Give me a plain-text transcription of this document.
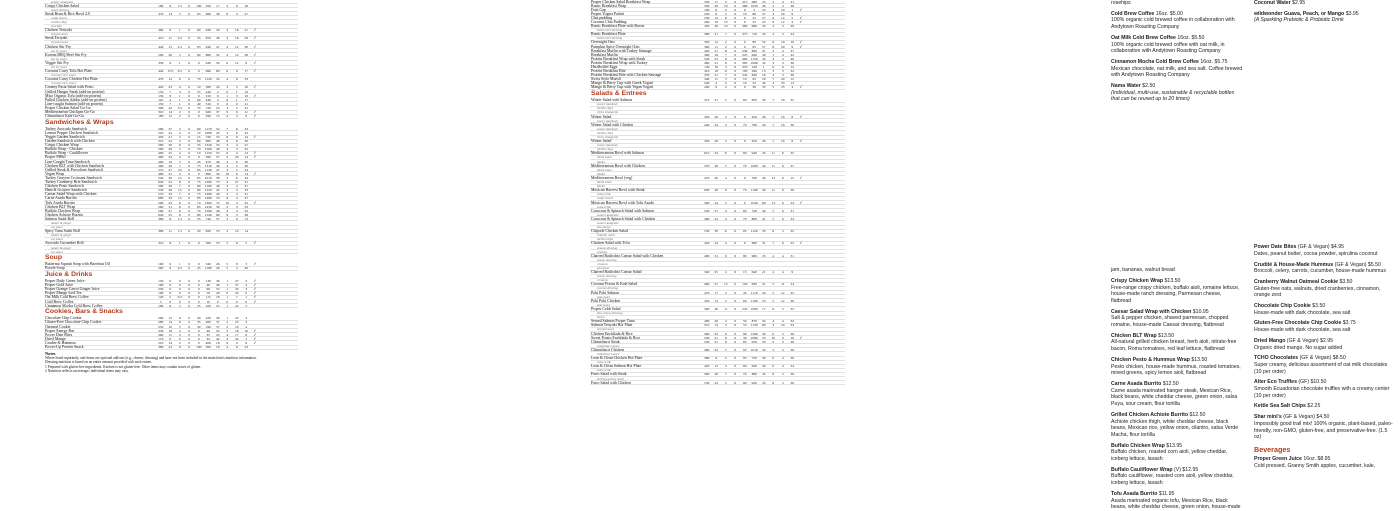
proper vinaigrette
Crispy Chicken Salad	180	9	1.5	0	160	350	17	2	6	18
ranch dressing
Steak Bean & Rice Bowl 2.0	370	14	5	0	65	690	38	8	4	27
cotija cheese
tortilla chips
avocado
Chicken Teriyaki	360	6	1	0	60	930	50	3	18	27	✓
teriyaki sauce
Steak Teriyaki	410	11	3.5	0	55	870	48	3	18	29	✓
teriyaki sauce
Chicken Stir Fry	440	15	2.5	0	65	940	47	4	12	30	✓
stir fry sauce
Korean BBQ Beef Stir Fry	500	20	5	0	60	880	52	4	14	28	✓
stir fry sauce
Veggie Stir Fry	330	8	1	0	0	630	56	6	12	9	✓
stir fry sauce
Coconut Curry Tofu Hot Plate	440	15.5	6.5	0	0	690	60	6	9	17	✓
coconut curry sauce
Coconut Curry Chicken Hot Plate	470	12	6	0	70	1120	54	4	8	33
coconut curry sauce
Creamy Pasta Salad with Pesto	420	23	4	0	10	580	45	3	3	10	✓
Grilled Hanger Steak (add-on protein)	150	7	3	0	55	440	2	0	1	19
Miso Organic Tofu (add-on protein)	130	8	1	0	0	310	6	1	3	10	✓
Pulled Chicken Adobo (add-on protein)	110	4	1	0	60	430	2	0	1	17
Line-caught Salmon (add-on protein)	150	7	1	0	40	310	0	0	0	21
Proper Chicken Salad Go-Go	390	22	3.5	0	70	720	23	3	5	25
Mediterranean Chickpea Go-Go	310	14	2	0	0	620	37	9	6	11	✓
Chimichurri Kale Go-Go	180	12	2	0	0	290	15	4	3	6	✓
Sandwiches & Wraps
Turkey Avocado Sandwich	580	27	5	0	60	1170	52	7	8	33
Lemon Pepper Chicken Sandwich	520	24	4	0	70	1080	45	3	6	32
Veggie Garden Sandwich	450	21	5	0	15	720	53	8	9	14	✓
Garden Sandwich with Chicken	510	22	5	0	60	980	48	6	8	30
Crispy Chicken Wrap	580	30	6	0	55	1320	53	3	4	27
Buffalo Wrap - Chicken	590	29	5	0	70	1560	49	3	3	32
Buffalo Wrap - Cauliflower	490	25	4	0	10	1150	53	6	4	13	✓
Proper PB&J	490	24	4	0	0	390	57	5	20	14	✓
Line-Caught Tuna Sandwich	490	19	3	0	45	970	48	4	6	30
Chicken BLT with Chicken Sandwich	560	26	7	0	75	1310	46	3	5	36
Grilled Steak & Provolone Sandwich	570	27	10	0	65	1130	47	3	5	34
Vegan Wrap	480	21	3	0	0	890	59	10	6	14	✓
Turkey Gruyere Croissant Sandwich	540	30	15	0	95	1010	38	2	6	29
Turkey Cranberry Brie Sandwich	620	22	9	0	75	1260	75	4	27	31
Chicken Pesto Sandwich	590	28	7	0	80	1190	48	3	4	37
Ham & Gruyere Sandwich	540	26	12	0	80	1520	43	2	5	33
Caesar Salad Wrap with Chicken	570	33	7	0	75	1280	40	2	3	31
Carne Asada Burrito	680	29	12	0	85	1480	70	8	4	37
Tofu Asada Burrito	590	24	6	0	10	1300	72	10	4	22	✓
Chicken BLT Wrap	560	31	8	0	85	1430	39	2	3	33
Buffalo Chicken Wrap	560	27	6	0	70	1590	48	3	3	32
Chicken Achiote Burrito	640	25	8	0	80	1540	68	9	3	38
Salmon Sushi Roll	360	8	1.5	0	25	740	57	3	9	13
tamari & ginger
soy sauce
Spicy Tuna Sushi Roll	380	11	1.5	0	20	820	55	2	10	14
tamari & ginger
soy sauce
Avocado Cucumber Roll	310	9	1	0	0	560	53	5	8	5	✓
tamari & ginger
soy sauce
Soup
Butternut Squash Soup with Hazelnut Oil	190	9	1	0	0	540	26	5	8	3	✓
Pozole Soup	260	9	2.5	0	45	1180	26	5	4	20
Juice & Drinks
Proper Daily Green Juice	150	0	0	0	0	130	36	1	27	2	✓
Proper Gold Juice	190	0	0	0	0	40	46	1	37	2	✓
Proper Orange Carrot Ginger Juice	230	0	0	0	0	90	55	1	43	3	✓
Proper Mango Iced Tea	100	0	0	0	0	10	26	0	24	0	✓
Oat Milk Cold Brew Coffee	120	5	0.5	0	0	115	18	1	7	1	✓
Cold Brew Coffee	5	0	0	0	0	10	0	0	0	0	✓
Cinnamon Mocha Cold Brew Coffee	180	8	5	0	25	100	25	1	22	5
Cookies, Bars & Snacks
Chocolate Chip Cookie	290	15	9	0	40	220	36	1	22	3
Gluten-Free Chocolate Chip Cookie	280	14	8	0	35	200	37	2	23	3
Oatmeal Cookie	250	10	5	0	30	190	37	2	19	4
Proper Energy Bar	330	18	4	0	0	40	35	5	18	10	✓
Power Date Bites	200	11	2	0	0	35	23	4	17	6	✓
Dried Mango	170	0	0	0	0	35	42	2	34	1	✓
Crudite & Hummus	210	14	2	0	0	400	18	6	4	6	✓
Power-Up Protein Snack	360	22	8	0	190	560	18	4	8	23
Notes
Where listed separately, sub-items are optional add-ons (e.g., cheese, dressing) and have not been included in the main item's nutrition information.
Dressing nutrition is based on an entire amount provided with each entree.
1 Prepared with gluten-free ingredients. Kitchen is not gluten-free. Other items may contain traces of gluten.
2 Nutrition reflects an average; individual items may vary.
Proper Chicken Salad Breakfast Wrap	330	17	3	0	215	690	25	2	4	21
Rustic Breakfast Wrap	500	26	10	0	380 1050	36	2	4	30
Fruit Cup	100	0	0	0	0	5	25	3	19	1	✓
Proper Yogurt Parfait	250	8	2	0	10	80	37	4	24	9
Chia pudding	230	12	8	0	0	25	27	9	14	5	✓
Coconut Chia Pudding	260	16	13	0	0	25	25	8	12	4	✓
Rustic Breakfast Plate with Bacon	450	28	10	0	390	980	22	2	3	29
lemon herb dressing
Rustic Breakfast Plate	380	21	7	0	375	710	22	2	3	24
lemon herb dressing
Overnight Oats	350	12	2	0	0	80	52	8	16	10	✓
Pumpkin Spice Overnight Oats	360	11	2	0	0	95	57	8	20	9	✓
Breakfast Muffin with Turkey Sausage	420	21	8	0	240	890	31	2	4	27
Breakfast Muffin	360	16	7	0	225	620	30	1	4	22
Protein Breakfast Wrap with Steak	520	25	8	0	400 1150	34	3	3	40
Protein Breakfast Wrap with Turkey	460	21	6	0	395 1090	34	3	3	36
Hardboiled Eggs	140	10	3	0	370	140	1	0	0	12
Protein Breakfast Bite	310	18	6	0	195	560	15	3	3	22
Protein Breakfast Bite with Chicken Sausage	370	21	7	0	245	840	16	3	3	30
Swiss Style Muesli	340	11	3	0	10	95	50	7	20	12
Mango & Berry Cup with Greek Yogurt	240	4	2	0	10	55	40	4	33	13
Mango & Berry Cup with Vegan Yogurt	200	6	2	0	0	30	35	5	25	3	✓
Salads & Entrees
Winter Salad with Salmon	510	31	5	0	60	850	28	7	16	32
savory hazelnuts
tortilla chips
citrus vinaigrette
Winter Salad	320	20	3	0	0	450	28	7	16	8	✓
savory hazelnuts
Winter Salad with Chicken	440	24	4	0	70	790	29	7	16	30
savory hazelnuts
tortilla chips
citrus vinaigrette
Winter Salad	320	20	3	0	0	450	28	7	16	8	✓
savory hazelnuts
tortilla chips
Mediterranean Bowl with Salmon	610	34	6	0	60	940	43	11	6	35
tahini sauce
falafel
Mediterranean Bowl with Chicken	570	28	5	0	70	1000	44	11	6	37
tahini sauce
falafel
Mediterranean Bowl (veg)	470	26	4	0	0	760	46	13	6	15	✓
tahini sauce
falafel
Mexican Harvest Bowl with Steak	630	28	9	0	75	1190	56	11	6	39
salsa verde
cotija cheese
Mexican Harvest Bowl with Tofu Asada	560	24	5	0	0	1040	60	13	6	24	✓
salsa verde
Couscous & Spinach Salad with Salmon	520	27	4	0	60	740	40	5	6	31
lemon vinaigrette
Couscous & Spinach Salad with Chicken	480	22	4	0	70	800	41	5	6	33
lemon vinaigrette
feta cheese
Chipotle Chicken Salad	530	30	6	0	85	1120	33	8	5	35
chipotle ranch
tortilla strips
Chicken Salad with Tofu	420	24	4	0	0	690	31	7	6	22	✓
sesame dressing
wontons
Charred Radicchio Caesar Salad with Chicken	490	31	6	0	80	960	23	4	4	31
caesar dressing
croutons
parmesan
Charred Radicchio Caesar Salad	340	25	4	0	15	640	21	4	4	9
caesar dressing
croutons
Coconut Prawn & Kale Salad	460	27	12	0	120	830	31	5	11	24
coconut dressing
Poki Poki Salmon	470	17	3	0	45	1110	54	5	12	25
poki sauce
Poki Poki Chicken	450	13	2	0	60	1180	55	5	12	28
poki sauce
Proper Cobb Salad	560	40	11	0	245 1090	17	6	5	35
blue cheese dressing
bacon
Seared Salmon Proper Tuna	490	26	4	0	50	870	32	4	4	32
Salmon Teriyaki Hot Plate	510	14	3	0	55	1130	60	3	19	33
teriyaki sauce
Chicken Enchilada & Rice	560	22	9	0	90	1290	56	6	5	36
Sweet Potato Enchilada & Rice	530	21	8	0	30	1080	70	10	9	16	✓
Chimichurri Steak	520	27	8	0	85	970	33	5	3	38
chimichurri sauce
Chimichurri Chicken	480	22	5	0	95	1010	33	5	3	39
chimichurri sauce
Lean & Clean Chicken Hot Plate	390	9	2	0	95	750	38	6	4	39
salsa verde
Lean & Clean Salmon Hot Plate	420	15	3	0	60	620	36	6	4	34
salsa verde
Farro Salad with Steak	560	26	7	0	70	880	45	8	5	36
dressing (citrus herb)
Farro Salad with Chicken	530	22	5	0	80	920	45	8	5	38
rosehips
Cold Brew Coffee 16oz. $5.00
100% organic cold brewed coffee in collaboration with Andytown Roasting Company
Oat Milk Cold Brew Coffee 16oz. $5.50
100% organic cold brewed coffee with oat milk, in collaboration with Andytown Roasting Company
Cinnamon Mocha Cold Brew Coffee 16oz. $5.75
Mexican chocolate, oat milk, and sea salt. Coffee brewed with Andytown Roasting Company
Nama Water $2.50
(Individual, multi-use, sustainable & recyclable bottles that can be reused up to 20 times)
jam, bananas, walnut bread
Crispy Chicken Wrap $13.50
Free-range crispy chicken, buffalo aioli, romaine lettuce, house-made ranch dressing, Parmesan cheese, flatbread
Caesar Salad Wrap with Chicken $10.95
Salt & pepper chicken, shaved parmesan, chopped romaine, house-made Caesar dressing, flatbread
Chicken BLT Wrap $13.50
All-natural grilled chicken breast, herb aioli, nitrate-free bacon, Roma tomatoes, red leaf lettuce, flatbread
Chicken Pesto & Hummus Wrap $13.50
Pesto chicken, house-made hummus, roasted tomatoes, mixed greens, spicy lemon aioli, flatbread
Carne Asada Burrito $12.50
Carne asada marinated hanger steak, Mexican Rice, black beans, white cheddar cheese, green onion, salsa Puya, sour cream, flour tortilla
Grilled Chicken Achiote Burrito $12.50
Achiote chicken thigh, white cheddar cheese, black beans, Mexican rice, yellow onion, cilantro, salsa Verde Macha, flour tortilla
Buffalo Chicken Wrap $13.95
Buffalo chicken, roasted corn aioli, yellow cheddar, iceberg lettuce, lavash
Buffalo Cauliflower Wrap (V) $12.95
Buffalo cauliflower, roasted corn aioli, yellow cheddar, iceberg lettuce, lavash
Tofu Asada Burrito $11.95
Asada marinated organic tofu, Mexican Rice, black beans, white cheddar cheese, green onion, house-made
Coconut Water $2.95
wildwonder Guava, Peach, or Mango $3.95
(A Sparkling Prebiotic & Probiotic Drink
Power Date Bites (GF & Vegan) $4.95
Dates, peanut butter, cocoa powder, spirulina coconut
Crudité & House-Made Hummus (GF & Vegan) $5.50
Broccoli, celery, carrots, cucumber, house-made hummus
Cranberry Walnut Oatmeal Cookie $3.50
Gluten-free oats, walnuts, dried cranberries, cinnamon, orange zest
Chocolate Chip Cookie $3.50
House-made with dark chocolate, sea salt
Gluten-Free Chocolate Chip Cookie $3.75
House-made with dark chocolate, sea salt
Dried Mango (GF & Vegan) $2.95
Organic dried mango. No sugar added
TCHO Chocolates (GF & Vegan) $8.50
Super creamy, delicious assortment of oat milk chocolates (10 per order)
Alter Eco Truffles (GF) $10.50
Smooth Ecuadorian chocolate truffles with a creamy center (10 per order)
Kettle Sea Salt Chips $2.25
Shar mini's (GF & Vegan) $4.50
Impossibly good trail mix! 100% organic, plant-based, paleo-friendly, non-GMO, gluten-free, and preservative-free. (1.5 oz)
Beverages
Proper Green Juice 16oz. $8.95
Cold pressed, Granny Smith apples, cucumber, kale,
